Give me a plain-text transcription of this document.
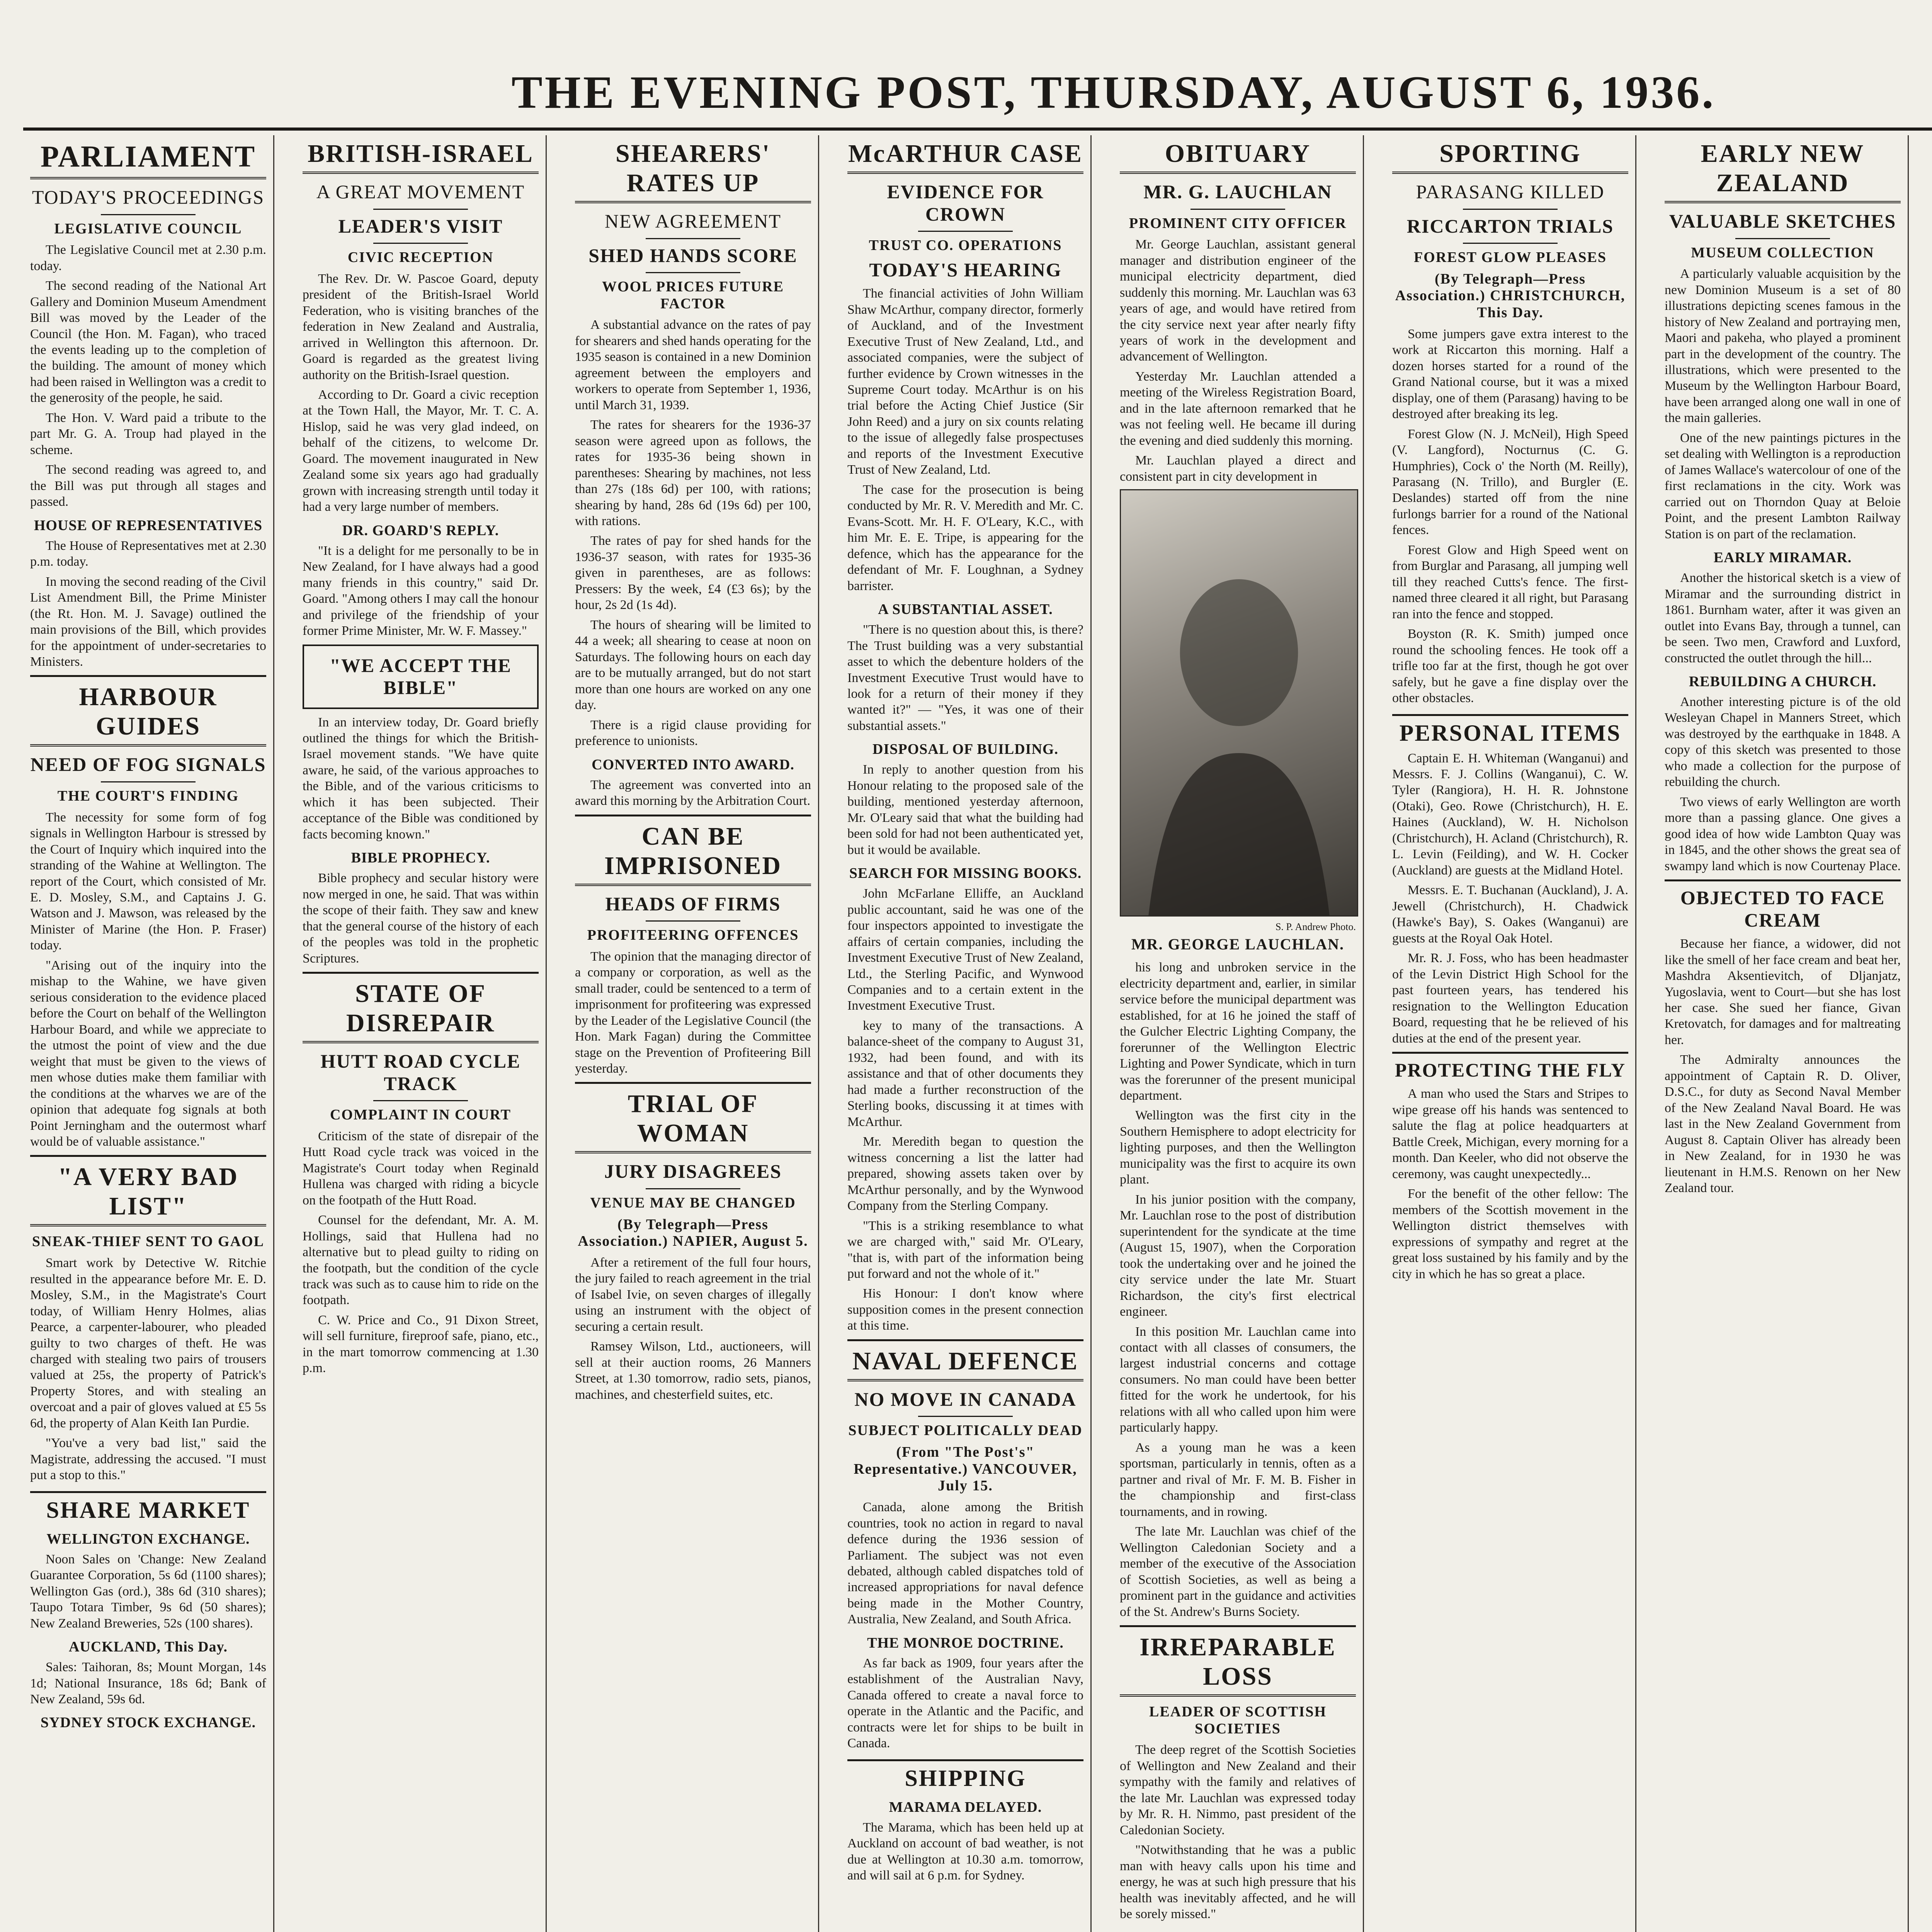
THE EVENING POST, THURSDAY, AUGUST 6, 1936.
PARLIAMENT
TODAY'S PROCEEDINGS
LEGISLATIVE COUNCIL

The Legislative Council met at 2.30 p.m. today.

The second reading of the National Art Gallery and Dominion Museum Amendment Bill was moved by the Leader of the Council (the Hon. M. Fagan), who traced the events leading up to the completion of the building. The amount of money which had been raised in Wellington was a credit to the generosity of the people, he said.

The Hon. V. Ward paid a tribute to the part Mr. G. A. Troup had played in the scheme.

The second reading was agreed to, and the Bill was put through all stages and passed.

HOUSE OF REPRESENTATIVES

The House of Representatives met at 2.30 p.m. today.

In moving the second reading of the Civil List Amendment Bill, the Prime Minister (the Rt. Hon. M. J. Savage) outlined the main provisions of the Bill, which provides for the appointment of under-secretaries to Ministers.

HARBOUR GUIDES
NEED OF FOG SIGNALS
THE COURT'S FINDING

The necessity for some form of fog signals in Wellington Harbour is stressed by the Court of Inquiry which inquired into the stranding of the Wahine at Wellington. The report of the Court, which consisted of Mr. E. D. Mosley, S.M., and Captains J. G. Watson and J. Mawson, was released by the Minister of Marine (the Hon. P. Fraser) today.

"Arising out of the inquiry into the mishap to the Wahine, we have given serious consideration to the evidence placed before the Court on behalf of the Wellington Harbour Board, and while we appreciate to the utmost the point of view and the due weight that must be given to the views of men whose duties make them familiar with the conditions at the wharves we are of the opinion that adequate fog signals at both Point Jerningham and the outermost wharf would be of valuable assistance."

"A VERY BAD LIST"
SNEAK-THIEF SENT TO GAOL

Smart work by Detective W. Ritchie resulted in the appearance before Mr. E. D. Mosley, S.M., in the Magistrate's Court today, of William Henry Holmes, alias Pearce, a carpenter-labourer, who pleaded guilty to two charges of theft. He was charged with stealing two pairs of trousers valued at 25s, the property of Patrick's Property Stores, and with stealing an overcoat and a pair of gloves valued at £5 5s 6d, the property of Alan Keith Ian Purdie.

"You've a very bad list," said the Magistrate, addressing the accused. "I must put a stop to this."

SHARE MARKET
WELLINGTON EXCHANGE.

Noon Sales on 'Change: New Zealand Guarantee Corporation, 5s 6d (1100 shares); Wellington Gas (ord.), 38s 6d (310 shares); Taupo Totara Timber, 9s 6d (50 shares); New Zealand Breweries, 52s (100 shares).

AUCKLAND, This Day.

Sales: Taihoran, 8s; Mount Morgan, 14s 1d; National Insurance, 18s 6d; Bank of New Zealand, 59s 6d.

SYDNEY STOCK EXCHANGE.
BRITISH-ISRAEL
A GREAT MOVEMENT
LEADER'S VISIT
CIVIC RECEPTION

The Rev. Dr. W. Pascoe Goard, deputy president of the British-Israel World Federation, who is visiting branches of the federation in New Zealand and Australia, arrived in Wellington this afternoon. Dr. Goard is regarded as the greatest living authority on the British-Israel question.

According to Dr. Goard a civic reception at the Town Hall, the Mayor, Mr. T. C. A. Hislop, said he was very glad indeed, on behalf of the citizens, to welcome Dr. Goard. The movement inaugurated in New Zealand some six years ago had gradually grown with increasing strength until today it had a very large number of members.

DR. GOARD'S REPLY.

"It is a delight for me personally to be in New Zealand, for I have always had a good many friends in this country," said Dr. Goard. "Among others I may call the honour and privilege of the friendship of your former Prime Minister, Mr. W. F. Massey."

"WE ACCEPT THE BIBLE"

In an interview today, Dr. Goard briefly outlined the things for which the British-Israel movement stands. "We have quite aware, he said, of the various approaches to the Bible, and of the various criticisms to which it has been subjected. Their acceptance of the Bible was conditioned by facts becoming known."

BIBLE PROPHECY.

Bible prophecy and secular history were now merged in one, he said. That was within the scope of their faith. They saw and knew that the general course of the history of each of the peoples was told in the prophetic Scriptures.

STATE OF DISREPAIR
HUTT ROAD CYCLE TRACK
COMPLAINT IN COURT

Criticism of the state of disrepair of the Hutt Road cycle track was voiced in the Magistrate's Court today when Reginald Hullena was charged with riding a bicycle on the footpath of the Hutt Road.

Counsel for the defendant, Mr. A. M. Hollings, said that Hullena had no alternative but to plead guilty to riding on the footpath, but the condition of the cycle track was such as to cause him to ride on the footpath.

C. W. Price and Co., 91 Dixon Street, will sell furniture, fireproof safe, piano, etc., in the mart tomorrow commencing at 1.30 p.m.

SHEARERS' RATES UP
NEW AGREEMENT
SHED HANDS SCORE
WOOL PRICES FUTURE FACTOR

A substantial advance on the rates of pay for shearers and shed hands operating for the 1935 season is contained in a new Dominion agreement between the employers and workers to operate from September 1, 1936, until March 31, 1939.

The rates for shearers for the 1936-37 season were agreed upon as follows, the rates for 1935-36 being shown in parentheses: Shearing by machines, not less than 27s (18s 6d) per 100, with rations; shearing by hand, 28s 6d (19s 6d) per 100, with rations.

The rates of pay for shed hands for the 1936-37 season, with rates for 1935-36 given in parentheses, are as follows: Pressers: By the week, £4 (£3 6s); by the hour, 2s 2d (1s 4d).

The hours of shearing will be limited to 44 a week; all shearing to cease at noon on Saturdays. The following hours on each day are to be mutually arranged, but do not start more than one hours are worked on any one day.

There is a rigid clause providing for preference to unionists.

CONVERTED INTO AWARD.

The agreement was converted into an award this morning by the Arbitration Court.

CAN BE IMPRISONED
HEADS OF FIRMS
PROFITEERING OFFENCES

The opinion that the managing director of a company or corporation, as well as the small trader, could be sentenced to a term of imprisonment for profiteering was expressed by the Leader of the Legislative Council (the Hon. Mark Fagan) during the Committee stage on the Prevention of Profiteering Bill yesterday.

TRIAL OF WOMAN
JURY DISAGREES
VENUE MAY BE CHANGED
(By Telegraph—Press Association.) NAPIER, August 5.

After a retirement of the full four hours, the jury failed to reach agreement in the trial of Isabel Ivie, on seven charges of illegally using an instrument with the object of securing a certain result.

Ramsey Wilson, Ltd., auctioneers, will sell at their auction rooms, 26 Manners Street, at 1.30 tomorrow, radio sets, pianos, machines, and chesterfield suites, etc.

McARTHUR CASE
EVIDENCE FOR CROWN
TRUST CO. OPERATIONS
TODAY'S HEARING

The financial activities of John William Shaw McArthur, company director, formerly of Auckland, and of the Investment Executive Trust of New Zealand, Ltd., and associated companies, were the subject of further evidence by Crown witnesses in the Supreme Court today. McArthur is on his trial before the Acting Chief Justice (Sir John Reed) and a jury on six counts relating to the issue of allegedly false prospectuses and reports of the Investment Executive Trust of New Zealand, Ltd.

The case for the prosecution is being conducted by Mr. R. V. Meredith and Mr. C. Evans-Scott. Mr. H. F. O'Leary, K.C., with him Mr. E. E. Tripe, is appearing for the defence, which has the appearance for the defendant of Mr. F. Loughnan, a Sydney barrister.

A SUBSTANTIAL ASSET.

"There is no question about this, is there? The Trust building was a very substantial asset to which the debenture holders of the Investment Executive Trust would have to look for a return of their money if they wanted it?" — "Yes, it was one of their substantial assets."

DISPOSAL OF BUILDING.

In reply to another question from his Honour relating to the proposed sale of the building, mentioned yesterday afternoon, Mr. O'Leary said that what the building had been sold for had not been authenticated yet, but it would be available.

SEARCH FOR MISSING BOOKS.

John McFarlane Elliffe, an Auckland public accountant, said he was one of the four inspectors appointed to investigate the affairs of certain companies, including the Investment Executive Trust of New Zealand, Ltd., the Sterling Pacific, and Wynwood Companies and to a certain extent in the Investment Executive Trust.

key to many of the transactions. A balance-sheet of the company to August 31, 1932, had been found, and with its assistance and that of other documents they had made a further reconstruction of the Sterling books, discussing it at times with McArthur.

Mr. Meredith began to question the witness concerning a list the latter had prepared, showing assets taken over by McArthur personally, and by the Wynwood Company from the Sterling Company.

"This is a striking resemblance to what we are charged with," said Mr. O'Leary, "that is, with part of the information being put forward and not the whole of it."

His Honour: I don't know where supposition comes in the present connection at this time.

NAVAL DEFENCE
NO MOVE IN CANADA
SUBJECT POLITICALLY DEAD
(From "The Post's" Representative.) VANCOUVER, July 15.

Canada, alone among the British countries, took no action in regard to naval defence during the 1936 session of Parliament. The subject was not even debated, although cabled dispatches told of increased appropriations for naval defence being made in the Mother Country, Australia, New Zealand, and South Africa.

THE MONROE DOCTRINE.

As far back as 1909, four years after the establishment of the Australian Navy, Canada offered to create a naval force to operate in the Atlantic and the Pacific, and contracts were let for ships to be built in Canada.

SHIPPING
MARAMA DELAYED.

The Marama, which has been held up at Auckland on account of bad weather, is not due at Wellington at 10.30 a.m. tomorrow, and will sail at 6 p.m. for Sydney.

OBITUARY
MR. G. LAUCHLAN
PROMINENT CITY OFFICER

Mr. George Lauchlan, assistant general manager and distribution engineer of the municipal electricity department, died suddenly this morning. Mr. Lauchlan was 63 years of age, and would have retired from the city service next year after nearly fifty years of work in the development and advancement of Wellington.

Yesterday Mr. Lauchlan attended a meeting of the Wireless Registration Board, and in the late afternoon remarked that he was not feeling well. He became ill during the evening and died suddenly this morning.

Mr. Lauchlan played a direct and consistent part in city development in

S. P. Andrew Photo.
MR. GEORGE LAUCHLAN.

his long and unbroken service in the electricity department and, earlier, in similar service before the municipal department was established, for at 16 he joined the staff of the Gulcher Electric Lighting Company, the forerunner of the Wellington Electric Lighting and Power Syndicate, which in turn was the forerunner of the present municipal department.

Wellington was the first city in the Southern Hemisphere to adopt electricity for lighting purposes, and then the Wellington municipality was the first to acquire its own plant.

In his junior position with the company, Mr. Lauchlan rose to the post of distribution superintendent for the syndicate at the time (August 15, 1907), when the Corporation took the undertaking over and he joined the city service under the late Mr. Stuart Richardson, the city's first electrical engineer.

In this position Mr. Lauchlan came into contact with all classes of consumers, the largest industrial concerns and cottage consumers. No man could have been better fitted for the work he undertook, for his relations with all who called upon him were particularly happy.

As a young man he was a keen sportsman, particularly in tennis, often as a partner and rival of Mr. F. M. B. Fisher in the championship and first-class tournaments, and in rowing.

The late Mr. Lauchlan was chief of the Wellington Caledonian Society and a member of the executive of the Association of Scottish Societies, as well as being a prominent part in the guidance and activities of the St. Andrew's Burns Society.

IRREPARABLE LOSS
LEADER OF SCOTTISH SOCIETIES

The deep regret of the Scottish Societies of Wellington and New Zealand and their sympathy with the family and relatives of the late Mr. Lauchlan was expressed today by Mr. R. H. Nimmo, past president of the Caledonian Society.

"Notwithstanding that he was a public man with heavy calls upon his time and energy, he was at such high pressure that his health was inevitably affected, and he will be sorely missed."

SPORTING
PARASANG KILLED
RICCARTON TRIALS
FOREST GLOW PLEASES
(By Telegraph—Press Association.) CHRISTCHURCH, This Day.

Some jumpers gave extra interest to the work at Riccarton this morning. Half a dozen horses started for a round of the Grand National course, but it was a mixed display, one of them (Parasang) having to be destroyed after breaking its leg.

Forest Glow (N. J. McNeil), High Speed (V. Langford), Nocturnus (C. G. Humphries), Cock o' the North (M. Reilly), Parasang (N. Trillo), and Burgler (E. Deslandes) started off from the nine furlongs barrier for a round of the National fences.

Forest Glow and High Speed went on from Burglar and Parasang, all jumping well till they reached Cutts's fence. The first-named three cleared it all right, but Parasang ran into the fence and stopped.

Boyston (R. K. Smith) jumped once round the schooling fences. He took off a trifle too far at the first, though he got over safely, but he gave a fine display over the other obstacles.

PERSONAL ITEMS

Captain E. H. Whiteman (Wanganui) and Messrs. F. J. Collins (Wanganui), C. W. Tyler (Rangiora), H. H. R. Johnstone (Otaki), Geo. Rowe (Christchurch), H. E. Haines (Auckland), W. H. Nicholson (Christchurch), H. Acland (Christchurch), R. L. Levin (Feilding), and W. H. Cocker (Auckland) are guests at the Midland Hotel.

Messrs. E. T. Buchanan (Auckland), J. A. Jewell (Christchurch), H. Chadwick (Hawke's Bay), S. Oakes (Wanganui) are guests at the Royal Oak Hotel.

Mr. R. J. Foss, who has been headmaster of the Levin District High School for the past fourteen years, has tendered his resignation to the Wellington Education Board, requesting that he be relieved of his duties at the end of the present year.

PROTECTING THE FLY

A man who used the Stars and Stripes to wipe grease off his hands was sentenced to salute the flag at police headquarters at Battle Creek, Michigan, every morning for a month. Dan Keeler, who did not observe the ceremony, was caught unexpectedly...

For the benefit of the other fellow: The members of the Scottish movement in the Wellington district themselves with expressions of sympathy and regret at the great loss sustained by his family and by the city in which he has so great a place.

EARLY NEW ZEALAND
VALUABLE SKETCHES
MUSEUM COLLECTION

A particularly valuable acquisition by the new Dominion Museum is a set of 80 illustrations depicting scenes famous in the history of New Zealand and portraying men, Maori and pakeha, who played a prominent part in the development of the country. The illustrations, which were presented to the Museum by the Wellington Harbour Board, have been arranged along one wall in one of the main galleries.

One of the new paintings pictures in the set dealing with Wellington is a reproduction of James Wallace's watercolour of one of the first reclamations in the city. Work was carried out on Thorndon Quay at Beloie Point, and the present Lambton Railway Station is on part of the reclamation.

EARLY MIRAMAR.

Another the historical sketch is a view of Miramar and the surrounding district in 1861. Burnham water, after it was given an outlet into Evans Bay, through a tunnel, can be seen. Two men, Crawford and Luxford, constructed the outlet through the hill...

REBUILDING A CHURCH.

Another interesting picture is of the old Wesleyan Chapel in Manners Street, which was destroyed by the earthquake in 1848. A copy of this sketch was presented to those who made a collection for the purpose of rebuilding the church.

Two views of early Wellington are worth more than a passing glance. One gives a good idea of how wide Lambton Quay was in 1845, and the other shows the great sea of swampy land which is now Courtenay Place.

OBJECTED TO FACE CREAM

Because her fiance, a widower, did not like the smell of her face cream and beat her, Mashdra Aksentievitch, of Dljanjatz, Yugoslavia, went to Court—but she has lost her case. She sued her fiance, Givan Kretovatch, for damages and for maltreating her.

The Admiralty announces the appointment of Captain R. D. Oliver, D.S.C., for duty as Second Naval Member of the New Zealand Naval Board. He was last in the New Zealand Government from August 8. Captain Oliver has already been in New Zealand, for in 1930 he was lieutenant in H.M.S. Renown on her New Zealand tour.
